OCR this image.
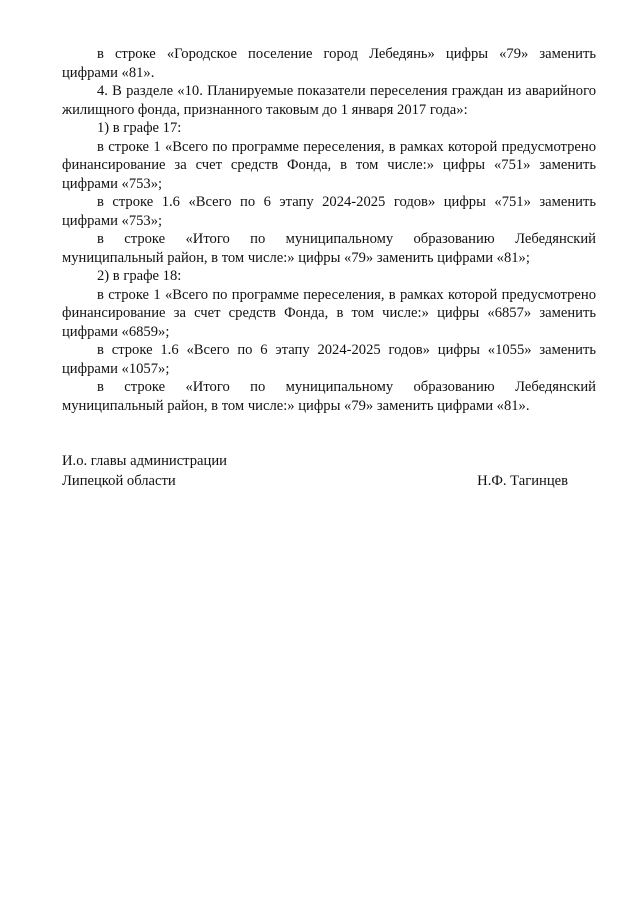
в строке «Городское поселение город Лебедянь» цифры «79» заменить цифрами «81».

4. В разделе «10. Планируемые показатели переселения граждан из аварийного жилищного фонда, признанного таковым до 1 января 2017 года»:

1) в графе 17:

в строке 1 «Всего по программе переселения, в рамках которой предусмотрено финансирование за счет средств Фонда, в том числе:» цифры «751» заменить цифрами «753»;

в строке 1.6 «Всего по 6 этапу 2024-2025 годов» цифры «751» заменить цифрами «753»;

в строке «Итого по муниципальному образованию Лебедянский муниципальный район, в том числе:» цифры «79» заменить цифрами «81»;

2) в графе 18:

в строке 1 «Всего по программе переселения, в рамках которой предусмотрено финансирование за счет средств Фонда, в том числе:» цифры «6857» заменить цифрами «6859»;

в строке 1.6 «Всего по 6 этапу 2024-2025 годов» цифры «1055» заменить цифрами «1057»;

в строке «Итого по муниципальному образованию Лебедянский муниципальный район, в том числе:» цифры «79» заменить цифрами «81».

И.о. главы администрации
Липецкой области	Н.Ф. Тагинцев
